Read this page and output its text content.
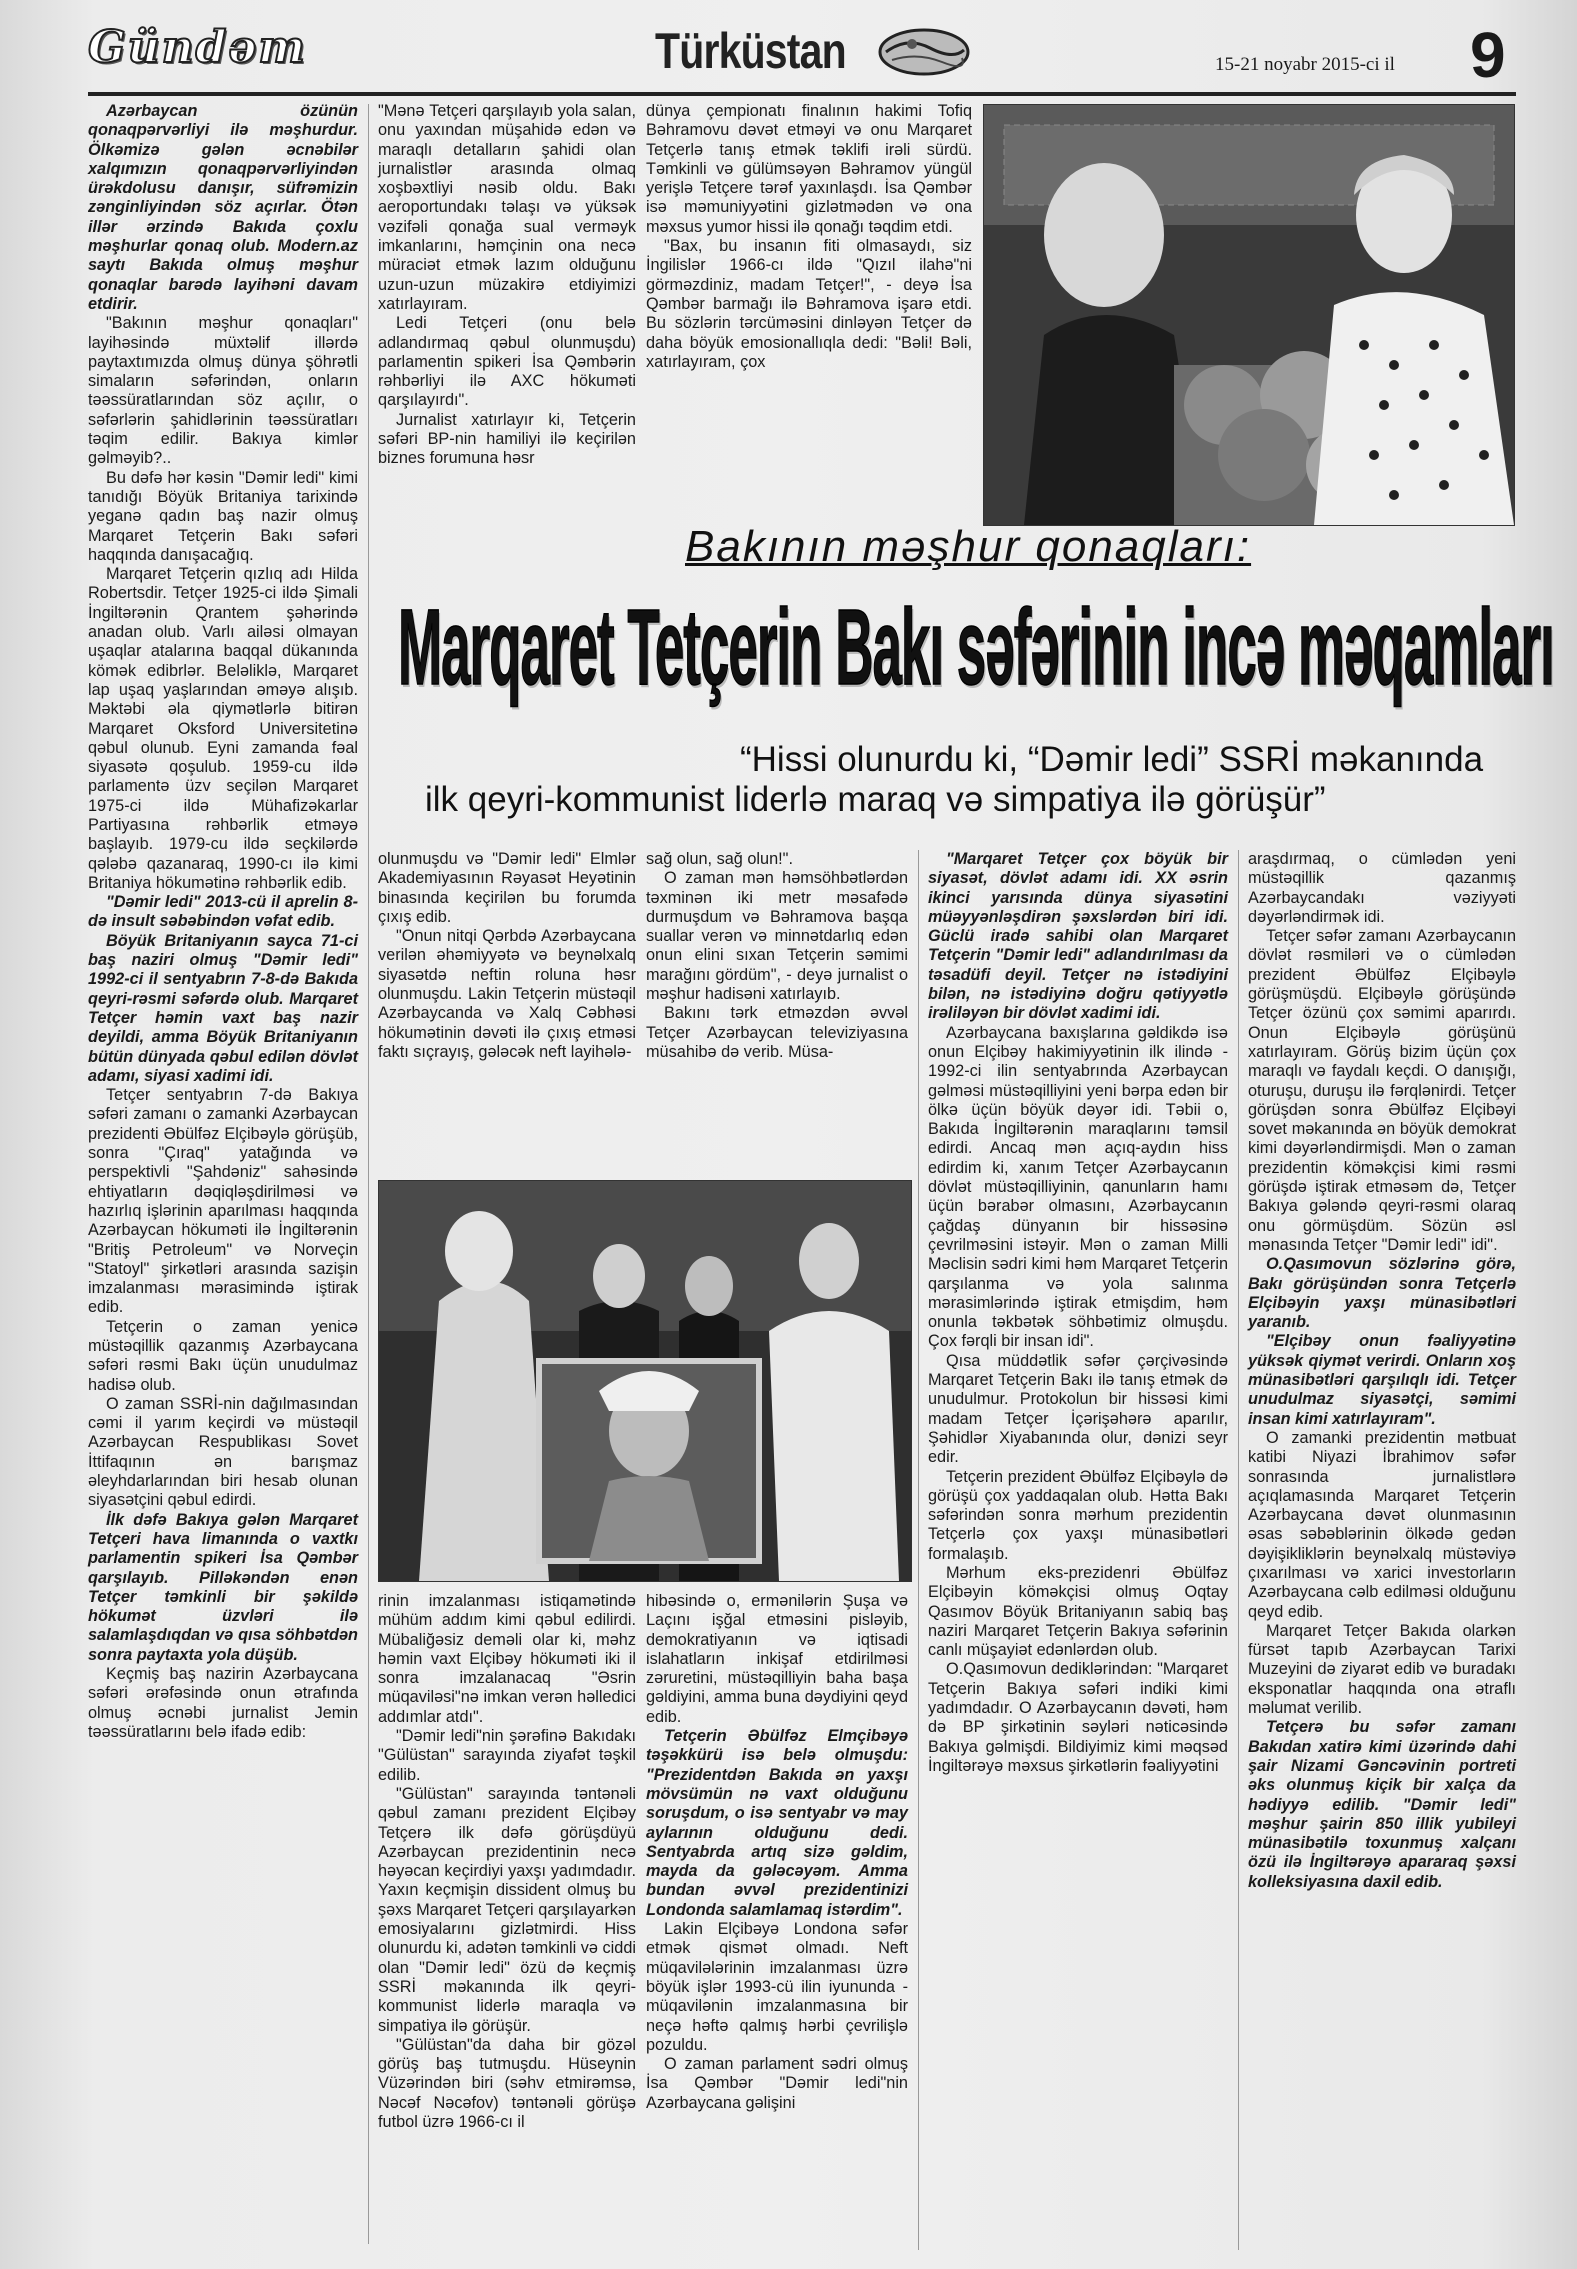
Gündəm	Türküstan	15-21 noyabr 2015-ci il	9

Azərbaycan özünün qonaqpərvərliyi ilə məşhurdur. Ölkəmizə gələn əcnəbilər xalqımızın qonaqpərvərliyindən ürəkdolusu danışır, süfrəmizin zənginliyindən söz açırlar. Ötən illər ərzində Bakıda çoxlu məşhurlar qonaq olub. Modern.az saytı Bakıda olmuş məşhur qonaqlar barədə layihəni davam etdirir.

"Bakının məşhur qonaqları" layihəsində müxtəlif illərdə paytaxtımızda olmuş dünya şöhrətli simaların səfərindən, onların təəssüratlarından söz açılır, o səfərlərin şahidlərinin təəssüratları təqim edilir. Bakıya kimlər gəlməyib?..

Bu dəfə hər kəsin "Dəmir ledi" kimi tanıdığı Böyük Britaniya tarixində yeganə qadın baş nazir olmuş Marqaret Tetçerin Bakı səfəri haqqında danışacağıq.

Marqaret Tetçerin qızlıq adı Hilda Robertsdir. Tetçer 1925-ci ildə Şimali İngiltərənin Qrantem şəhərində anadan olub. Varlı ailəsi olmayan uşaqlar atalarına baqqal dükanında kömək edibrlər. Beləliklə, Marqaret lap uşaq yaşlarından əməyə alışıb. Məktəbi əla qiymətlərlə bitirən Marqaret Oksford Universitetinə qəbul olunub. Eyni zamanda fəal siyasətə qoşulub. 1959-cu ildə parlamentə üzv seçilən Marqaret 1975-ci ildə Mühafizəkarlar Partiyasına rəhbərlik etməyə başlayıb. 1979-cu ildə seçkilərdə qələbə qazanaraq, 1990-cı ilə kimi Britaniya hökumətinə rəhbərlik edib.

"Dəmir ledi" 2013-cü il aprelin 8-də insult səbəbindən vəfat edib.

Böyük Britaniyanın sayca 71-ci baş naziri olmuş "Dəmir ledi" 1992-ci il sentyabrın 7-8-də Bakıda qeyri-rəsmi səfərdə olub. Marqaret Tetçer həmin vaxt baş nazir deyildi, amma Böyük Britaniyanın bütün dünyada qəbul edilən dövlət adamı, siyasi xadimi idi.

Tetçer sentyabrın 7-də Bakıya səfəri zamanı o zamanki Azərbaycan prezidenti Əbülfəz Elçibəylə görüşüb, sonra "Çıraq" yatağında və perspektivli "Şahdəniz" sahəsində ehtiyatların dəqiqləşdirilməsi və hazırlıq işlərinin aparılması haqqında Azərbaycan hökuməti ilə İngiltərənin "Britiş Petroleum" və Norveçin "Statoyl" şirkətləri arasında sazişin imzalanması mərasimində iştirak edib.

Tetçerin o zaman yenicə müstəqillik qazanmış Azərbaycana səfəri rəsmi Bakı üçün unudulmaz hadisə olub.

O zaman SSRİ-nin dağılmasından cəmi il yarım keçirdi və müstəqil Azərbaycan Respublikası Sovet İttifaqının ən barışmaz əleyhdarlarından biri hesab olunan siyasətçini qəbul edirdi.

İlk dəfə Bakıya gələn Marqaret Tetçeri hava limanında o vaxtkı parlamentin spikeri İsa Qəmbər qarşılayıb. Pilləkəndən enən Tetçer təmkinli bir şəkildə hökumət üzvləri ilə salamlaşdıqdan və qısa söhbətdən sonra paytaxta yola düşüb.

Keçmiş baş nazirin Azərbaycana səfəri ərəfəsində onun ətrafında olmuş əcnəbi jurnalist Jemin təəssüratlarını belə ifadə edib:

"Mənə Tetçeri qarşılayıb yola salan, onu yaxından müşahidə edən və maraqlı detalların şahidi olan jurnalistlər arasında olmaq xoşbəxtliyi nəsib oldu. Bakı aeroportundakı təlaşı və yüksək vəzifəli qonağa sual verməyk imkanlarını, həmçinin ona necə müraciət etmək lazım olduğunu uzun-uzun müzakirə etdiyimizi xatırlayıram.

Ledi Tetçeri (onu belə adlandırmaq qəbul olunmuşdu) parlamentin spikeri İsa Qəmbərin rəhbərliyi ilə AXC hökuməti qarşılayırdı".

Jurnalist xatırlayır ki, Tetçerin səfəri BP-nin hamiliyi ilə keçirilən biznes forumuna həsr

dünya çempionatı finalının hakimi Tofiq Bəhramovu dəvət etməyi və onu Marqaret Tetçerlə tanış etmək təklifi irəli sürdü. Təmkinli və gülümsəyən Bəhramov yüngül yerişlə Tetçere tərəf yaxınlaşdı. İsa Qəmbər isə məmuniyyətini gizlətmədən və ona məxsus yumor hissi ilə qonağı təqdim etdi.

"Bax, bu insanın fiti olmasaydı, siz İngilislər 1966-cı ildə "Qızıl ilahə"ni görməzdiniz, madam Tetçer!", - deyə İsa Qəmbər barmağı ilə Bəhramova işarə etdi. Bu sözlərin tərcüməsini dinləyən Tetçer də daha böyük emosionallıqla dedi: "Bəli! Bəli, xatırlayıram, çox

Bakının məşhur qonaqları:
Marqaret Tetçerin Bakı səfərinin incə məqamları
“Hissi olunurdu ki, “Dəmir ledi” SSRİ məkanında
ilk qeyri-kommunist liderlə maraq və simpatiya ilə görüşür”

olunmuşdu və "Dəmir ledi" Elmlər Akademiyasının Rəyasət Heyətinin binasında keçirilən bu forumda çıxış edib.

"Onun nitqi Qərbdə Azərbaycana verilən əhəmiyyətə və beynəlxalq siyasətdə neftin roluna həsr olunmuşdu. Lakin Tetçerin müstəqil Azərbaycanda və Xalq Cəbhəsi hökumətinin dəvəti ilə çıxış etməsi faktı sıçrayış, gələcək neft layihələ-

sağ olun, sağ olun!".

O zaman mən həmsöhbətlərdən təxminən iki metr məsafədə durmuşdum və Bəhramova başqa suallar verən və minnətdarlıq edən onun elini sıxan Tetçerin səmimi marağını gördüm", - deyə jurnalist o məşhur hadisəni xatırlayıb.

Bakını tərk etməzdən əvvəl Tetçer Azərbaycan televiziyasına müsahibə də verib. Müsa-

rinin imzalanması istiqamətində mühüm addım kimi qəbul edilirdi. Mübaliğəsiz deməli olar ki, məhz həmin vaxt Elçibəy hökuməti iki il sonra imzalanacaq "Əsrin müqaviləsi"nə imkan verən həlledici addımlar atdı".

"Dəmir ledi"nin şərəfinə Bakıdakı "Gülüstan" sarayında ziyafət təşkil edilib.

"Gülüstan" sarayında təntənəli qəbul zamanı prezident Elçibəy Tetçerə ilk dəfə görüşdüyü Azərbaycan prezidentinin necə həyəcan keçirdiyi yaxşı yadımdadır. Yaxın keçmişin dissident olmuş bu şəxs Marqaret Tetçeri qarşılayarkən emosiyalarını gizlətmirdi. Hiss olunurdu ki, adətən təmkinli və ciddi olan "Dəmir ledi" özü də keçmiş SSRİ məkanında ilk qeyri-kommunist liderlə maraqla və simpatiya ilə görüşür.

"Gülüstan"da daha bir gözəl görüş baş tutmuşdu. Hüseynin Vüzərindən biri (səhv etmirəmsə, Nəcəf Nəcəfov) təntənəli görüşə futbol üzrə 1966-cı il

hibəsində o, ermənilərin Şuşa və Laçını işğal etməsini pisləyib, demokratiyanın və iqtisadi islahatların inkişaf etdirilməsi zəruretini, müstəqilliyin baha başa gəldiyini, amma buna dəydiyini qeyd edib.

Tetçerin Əbülfəz Elmçibəyə təşəkkürü isə belə olmuşdu: "Prezidentdən Bakıda ən yaxşı mövsümün nə vaxt olduğunu soruşdum, o isə sentyabr və may aylarının olduğunu dedi. Sentyabrda artıq sizə gəldim, mayda da gələcəyəm. Amma bundan əvvəl prezidentinizi Londonda salamlamaq istərdim".

Lakin Elçibəyə Londona səfər etmək qismət olmadı. Neft müqavilələrinin imzalanması üzrə böyük işlər 1993-cü ilin iyununda - müqavilənin imzalanmasına bir neçə həftə qalmış hərbi çevrilişlə pozuldu.

O zaman parlament sədri olmuş İsa Qəmbər "Dəmir ledi"nin Azərbaycana gəlişini

"Marqaret Tetçer çox böyük bir siyasət, dövlət adamı idi. XX əsrin ikinci yarısında dünya siyasətini müəyyənləşdirən şəxslərdən biri idi. Güclü iradə sahibi olan Marqaret Tetçerin "Dəmir ledi" adlandırılması da təsadüfi deyil. Tetçer nə istədiyini bilən, nə istədiyinə doğru qətiyyətlə irəliləyən bir dövlət xadimi idi.

Azərbaycana baxışlarına gəldikdə isə onun Elçibəy hakimiyyətinin ilk ilində - 1992-ci ilin sentyabrında Azərbaycan gəlməsi müstəqilliyini yeni bərpa edən bir ölkə üçün böyük dəyər idi. Təbii o, Bakıda İngiltərənin maraqlarını təmsil edirdi. Ancaq mən açıq-aydın hiss edirdim ki, xanım Tetçer Azərbaycanın dövlət müstəqilliyinin, qanunların hamı üçün bərabər olmasını, Azərbaycanın çağdaş dünyanın bir hissəsinə çevrilməsini istəyir. Mən o zaman Milli Məclisin sədri kimi həm Marqaret Tetçerin qarşılanma və yola salınma mərasimlərində iştirak etmişdim, həm onunla təkbətək söhbətimiz olmuşdu. Çox fərqli bir insan idi".

Qısa müddətlik səfər çərçivəsində Marqaret Tetçerin Bakı ilə tanış etmək də unudulmur. Protokolun bir hissəsi kimi madam Tetçer İçərişəhərə aparılır, Şəhidlər Xiyabanında olur, dənizi seyr edir.

Tetçerin prezident Əbülfəz Elçibəylə də görüşü çox yaddaqalan olub. Hətta Bakı səfərindən sonra mərhum prezidentin Tetçerlə çox yaxşı münasibətləri formalaşıb.

Mərhum eks-prezidenri Əbülfəz Elçibəyin köməkçisi olmuş Oqtay Qasımov Böyük Britaniyanın sabiq baş naziri Marqaret Tetçerin Bakıya səfərinin canlı müşayiət edənlərdən olub.

O.Qasımovun dediklərindən: "Marqaret Tetçerin Bakıya səfəri indiki kimi yadımdadır. O Azərbaycanın dəvəti, həm də BP şirkətinin səyləri nəticəsində Bakıya gəlmişdi. Bildiyimiz kimi məqsəd İngiltərəyə məxsus şirkətlərin fəaliyyətini

araşdırmaq, o cümlədən yeni müstəqillik qazanmış Azərbaycandakı vəziyyəti dəyərləndirmək idi.

Tetçer səfər zamanı Azərbaycanın dövlət rəsmiləri və o cümlədən prezident Əbülfəz Elçibəylə görüşmüşdü. Elçibəylə görüşündə Tetçer özünü çox səmimi aparırdı. Onun Elçibəylə görüşünü xatırlayıram. Görüş bizim üçün çox maraqlı və faydalı keçdi. O danışığı, oturuşu, duruşu ilə fərqlənirdi. Tetçer görüşdən sonra Əbülfəz Elçibəyi sovet məkanında ən böyük demokrat kimi dəyərləndirmişdi. Mən o zaman prezidentin köməkçisi kimi rəsmi görüşdə iştirak etməsəm də, Tetçer Bakıya gələndə qeyri-rəsmi olaraq onu görmüşdüm. Sözün əsl mənasında Tetçer "Dəmir ledi" idi".

O.Qasımovun sözlərinə görə, Bakı görüşündən sonra Tetçerlə Elçibəyin yaxşı münasibətləri yaranıb.

"Elçibəy onun fəaliyyətinə yüksək qiymət verirdi. Onların xoş münasibətləri qarşılıqlı idi. Tetçer unudulmaz siyasətçi, səmimi insan kimi xatırlayıram".

O zamanki prezidentin mətbuat katibi Niyazi İbrahimov səfər sonrasında jurnalistlərə açıqlamasında Marqaret Tetçerin Azərbaycana dəvət olunmasının əsas səbəblərinin ölkədə gedən dəyişikliklərin beynəlxalq müstəviyə çıxarılması və xarici investorların Azərbaycana cəlb edilməsi olduğunu qeyd edib.

Marqaret Tetçer Bakıda olarkən fürsət tapıb Azərbaycan Tarixi Muzeyini də ziyarət edib və buradakı eksponatlar haqqında ona ətraflı məlumat verilib.

Tetçerə bu səfər zamanı Bakıdan xatirə kimi üzərində dahi şair Nizami Gəncəvinin portreti əks olunmuş kiçik bir xalça da hədiyyə edilib. "Dəmir ledi" məşhur şairin 850 illik yubileyi münasibətilə toxunmuş xalçanı özü ilə İngiltərəyə apararaq şəxsi kolleksiyasına daxil edib.
